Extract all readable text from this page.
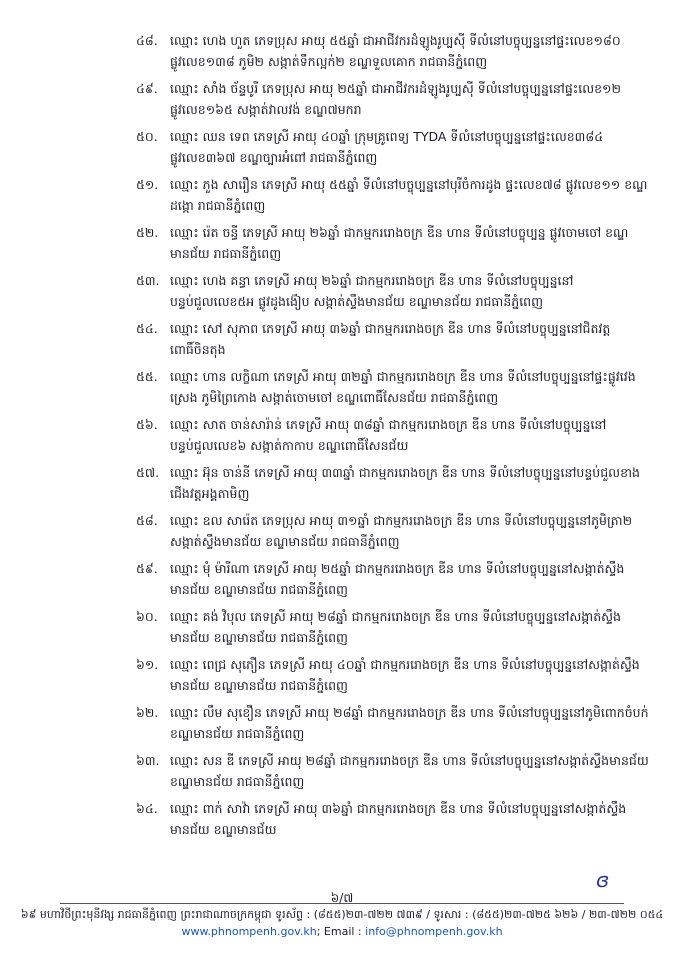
៤៨. ឈ្មោះ ហេង ហួត ភេទប្រុស អាយុ ៥៥ឆ្នាំ ជាអាជីវករដំឡូងរូប្បស៊ី ទីលំនៅបច្ចុប្បន្ននៅផ្ទះលេខ១៨០ ផ្លូវលេខ១៣៨ ភូមិ២ សង្កាត់ទឹកល្អក់២ ខណ្ឌទួលគោក រាជធានីភ្នំពេញ
៤៩. ឈ្មោះ សាំង ច័ន្ទបូរី ភេទប្រុស អាយុ ២៥ឆ្នាំ ជាអាជីវករដំឡូងរូប្បស៊ី ទីលំនៅបច្ចុប្បន្ននៅផ្ទះលេខ១២ ផ្លូវលេខ១៦៥ សង្កាត់វាលវង់ ខណ្ឌ៧មករា
៥០. ឈ្មោះ ឈន ទេព ភេទស្រី អាយុ ៤០ឆ្នាំ ក្រុមគ្រូពេទ្យ TYDA ទីលំនៅបច្ចុប្បន្ននៅផ្ទះលេខ៣៨៤ ផ្លូវលេខ៣៦៧ ខណ្ឌច្បារអំពៅ រាជធានីភ្នំពេញ
៥១. ឈ្មោះ ភួង សារឿន ភេទស្រី អាយុ ៥៥ឆ្នាំ ទីលំនៅបច្ចុប្បន្ននៅបុរីចំការដូង ផ្ទះលេខ៧៨ ផ្លូវលេខ១១ ខណ្ឌដង្កោ រាជធានីភ្នំពេញ
៥២. ឈ្មោះ រ៉េត ចន្ធី ភេទស្រី អាយុ ២៦ឆ្នាំ ជាកម្មកររោងចក្រ ឌីន ហាន ទីលំនៅបច្ចុប្បន្ន ផ្លូវចោមចៅ ខណ្ឌមានជ័យ រាជធានីភ្នំពេញ
៥៣. ឈ្មោះ ហេង គន្ធា ភេទស្រី អាយុ ២៦ឆ្នាំ ជាកម្មកររោងចក្រ ឌីន ហាន ទីលំនៅបច្ចុប្បន្ននៅបន្ទប់ជួលលេខ៥អ ផ្លូវដូងង៉ៀប សង្កាត់ស្ទឹងមានជ័យ ខណ្ឌមានជ័យ រាជធានីភ្នំពេញ
៥៤. ឈ្មោះ សៅ សុភាព ភេទស្រី អាយុ ៣៦ឆ្នាំ ជាកម្មកររោងចក្រ ឌីន ហាន ទីលំនៅបច្ចុប្បន្ននៅជិតវត្ត ពោធិ៍ចិនតុង
៥៥. ឈ្មោះ ហាន លក្ខិណា ភេទស្រី អាយុ ៣២ឆ្នាំ ជាកម្មកររោងចក្រ ឌីន ហាន ទីលំនៅបច្ចុប្បន្ននៅផ្ទះផ្លូវវេងស្រេង ភូមិព្រៃកោង សង្កាត់ចោមចៅ ខណ្ឌពោធិ៍សែនជ័យ រាជធានីភ្នំពេញ
៥៦. ឈ្មោះ សាត ចាន់សារ៉ាន់ ភេទស្រី អាយុ ៣៨ឆ្នាំ ជាកម្មកររោងចក្រ ឌីន ហាន ទីលំនៅបច្ចុប្បន្ននៅបន្ទប់ជួលលេខ៦ សង្កាត់កាកាប ខណ្ឌពោធិ៍សែនជ័យ
៥៧. ឈ្មោះ អ៊ុន ចាន់នី ភេទស្រី អាយុ ៣៣ឆ្នាំ ជាកម្មកររោងចក្រ ឌីន ហាន ទីលំនៅបច្ចុប្បន្ននៅបន្ទប់ជួលខាងជើងវត្តអង្គតាមិញ
៥៨. ឈ្មោះ ឧល សារ៉េត ភេទប្រុស អាយុ ៣១ឆ្នាំ ជាកម្មកររោងចក្រ ឌីន ហាន ទីលំនៅបច្ចុប្បន្ននៅភូមិត្រា២ សង្កាត់ស្ទឹងមានជ័យ ខណ្ឌមានជ័យ រាជធានីភ្នំពេញ
៥៩. ឈ្មោះ មុំ ម៉ារីណា ភេទស្រី អាយុ ២៥ឆ្នាំ ជាកម្មកររោងចក្រ ឌីន ហាន ទីលំនៅបច្ចុប្បន្ននៅសង្កាត់ស្ទឹងមានជ័យ ខណ្ឌមានជ័យ រាជធានីភ្នំពេញ
៦០. ឈ្មោះ គង់ វិបុល ភេទស្រី អាយុ ២៨ឆ្នាំ ជាកម្មកររោងចក្រ ឌីន ហាន ទីលំនៅបច្ចុប្បន្ននៅសង្កាត់ស្ទឹងមានជ័យ ខណ្ឌមានជ័យ រាជធានីភ្នំពេញ
៦១. ឈ្មោះ ពេជ្រ សុភឿន ភេទស្រី អាយុ ៤០ឆ្នាំ ជាកម្មកររោងចក្រ ឌីន ហាន ទីលំនៅបច្ចុប្បន្ននៅសង្កាត់ស្ទឹងមានជ័យ ខណ្ឌមានជ័យ រាជធានីភ្នំពេញ
៦២. ឈ្មោះ លឹម សុខឿន ភេទស្រី អាយុ ២៨ឆ្នាំ ជាកម្មកររោងចក្រ ឌីន ហាន ទីលំនៅបច្ចុប្បន្ននៅភូមិពោកចំបក់ ខណ្ឌមានជ័យ រាជធានីភ្នំពេញ
៦៣. ឈ្មោះ សន ឌី ភេទស្រី អាយុ ២៨ឆ្នាំ ជាកម្មកររោងចក្រ ឌីន ហាន ទីលំនៅបច្ចុប្បន្ននៅសង្កាត់ស្ទឹងមានជ័យ ខណ្ឌមានជ័យ រាជធានីភ្នំពេញ
៦៤. ឈ្មោះ ពាក់ សាវ៉ា ភេទស្រី អាយុ ៣៦ឆ្នាំ ជាកម្មកររោងចក្រ ឌីន ហាន ទីលំនៅបច្ចុប្បន្ននៅសង្កាត់ស្ទឹងមានជ័យ ខណ្ឌមានជ័យ
ɞ
៦/៧
៦៩ មហាវិថីព្រះមុនីវង្ស រាជធានីភ្នំពេញ ព្រះរាជាណាចក្រកម្ពុជា ទូរស័ព្ទ : (៨៥៥)២៣-៧២២ ៧៣៩ / ទូរសារ : (៨៥៥)២៣-៧២៥ ៦២៦ / ២៣-៧២២ ០៥៤
www.phnompenh.gov.kh; Email : info@phnompenh.gov.kh
